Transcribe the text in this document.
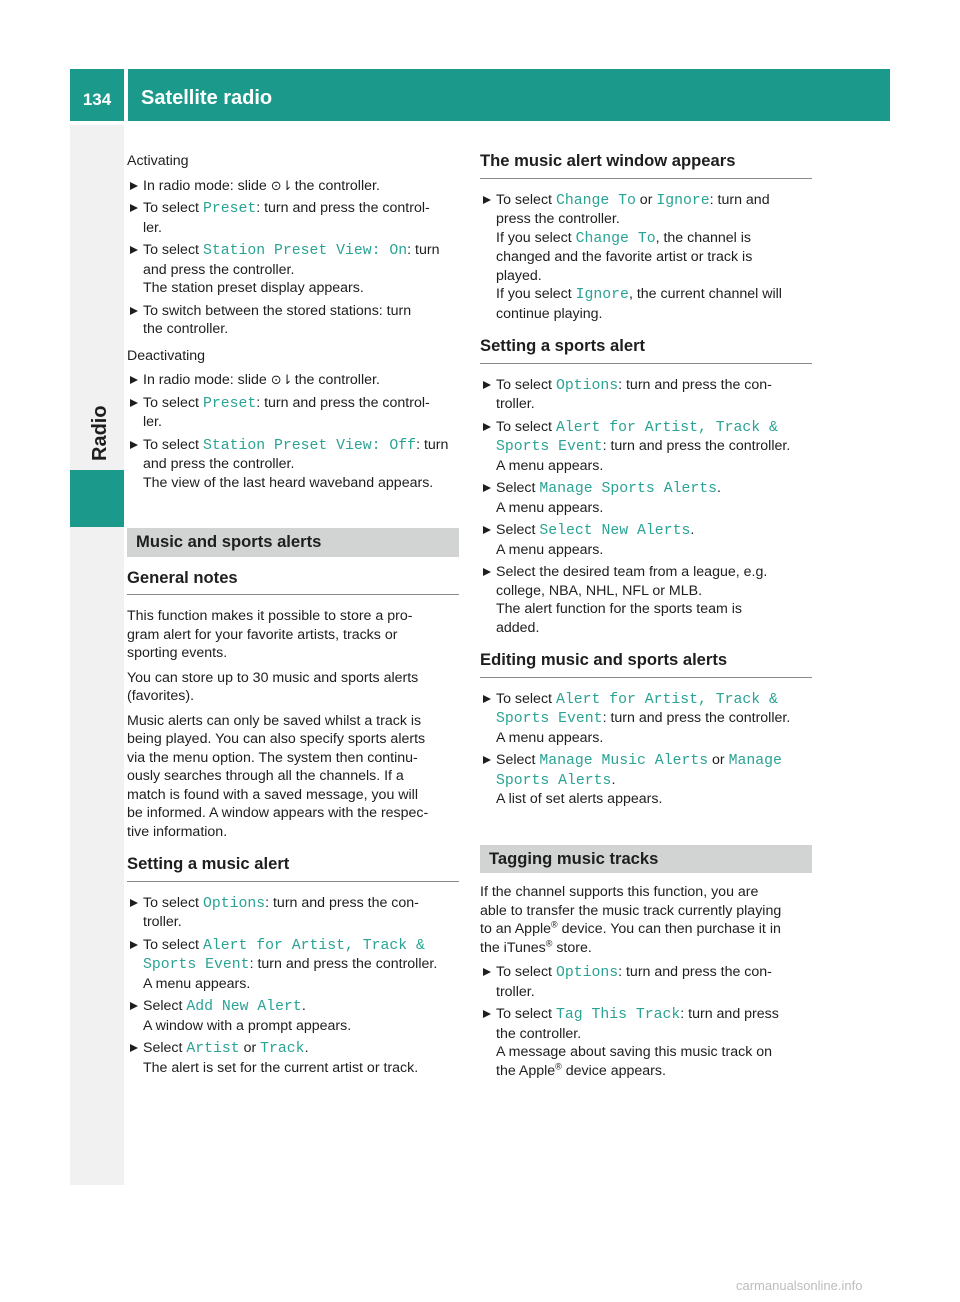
134	Satellite radio
Radio
Activating
In radio mode: slide ⊙⇂ the controller.
To select Preset: turn and press the control-
ler.
To select Station Preset View: On: turn
and press the controller.
The station preset display appears.
To switch between the stored stations: turn
the controller.
Deactivating
In radio mode: slide ⊙⇂ the controller.
To select Preset: turn and press the control-
ler.
To select Station Preset View: Off: turn
and press the controller.
The view of the last heard waveband appears.
Music and sports alerts
General notes
This function makes it possible to store a pro-
gram alert for your favorite artists, tracks or
sporting events.
You can store up to 30 music and sports alerts
(favorites).
Music alerts can only be saved whilst a track is
being played. You can also specify sports alerts
via the menu option. The system then continu-
ously searches through all the channels. If a
match is found with a saved message, you will
be informed. A window appears with the respec-
tive information.
Setting a music alert
To select Options: turn and press the con-
troller.
To select Alert for Artist, Track &
Sports Event: turn and press the controller.
A menu appears.
Select Add New Alert.
A window with a prompt appears.
Select Artist or Track.
The alert is set for the current artist or track.
The music alert window appears
To select Change To or Ignore: turn and
press the controller.
If you select Change To, the channel is
changed and the favorite artist or track is
played.
If you select Ignore, the current channel will
continue playing.
Setting a sports alert
To select Options: turn and press the con-
troller.
To select Alert for Artist, Track &
Sports Event: turn and press the controller.
A menu appears.
Select Manage Sports Alerts.
A menu appears.
Select Select New Alerts.
A menu appears.
Select the desired team from a league, e.g.
college, NBA, NHL, NFL or MLB.
The alert function for the sports team is
added.
Editing music and sports alerts
To select Alert for Artist, Track &
Sports Event: turn and press the controller.
A menu appears.
Select Manage Music Alerts or Manage
Sports Alerts.
A list of set alerts appears.
Tagging music tracks
If the channel supports this function, you are
able to transfer the music track currently playing
to an Apple® device. You can then purchase it in
the iTunes® store.
To select Options: turn and press the con-
troller.
To select Tag This Track: turn and press
the controller.
A message about saving this music track on
the Apple® device appears.
carmanualsonline.info
